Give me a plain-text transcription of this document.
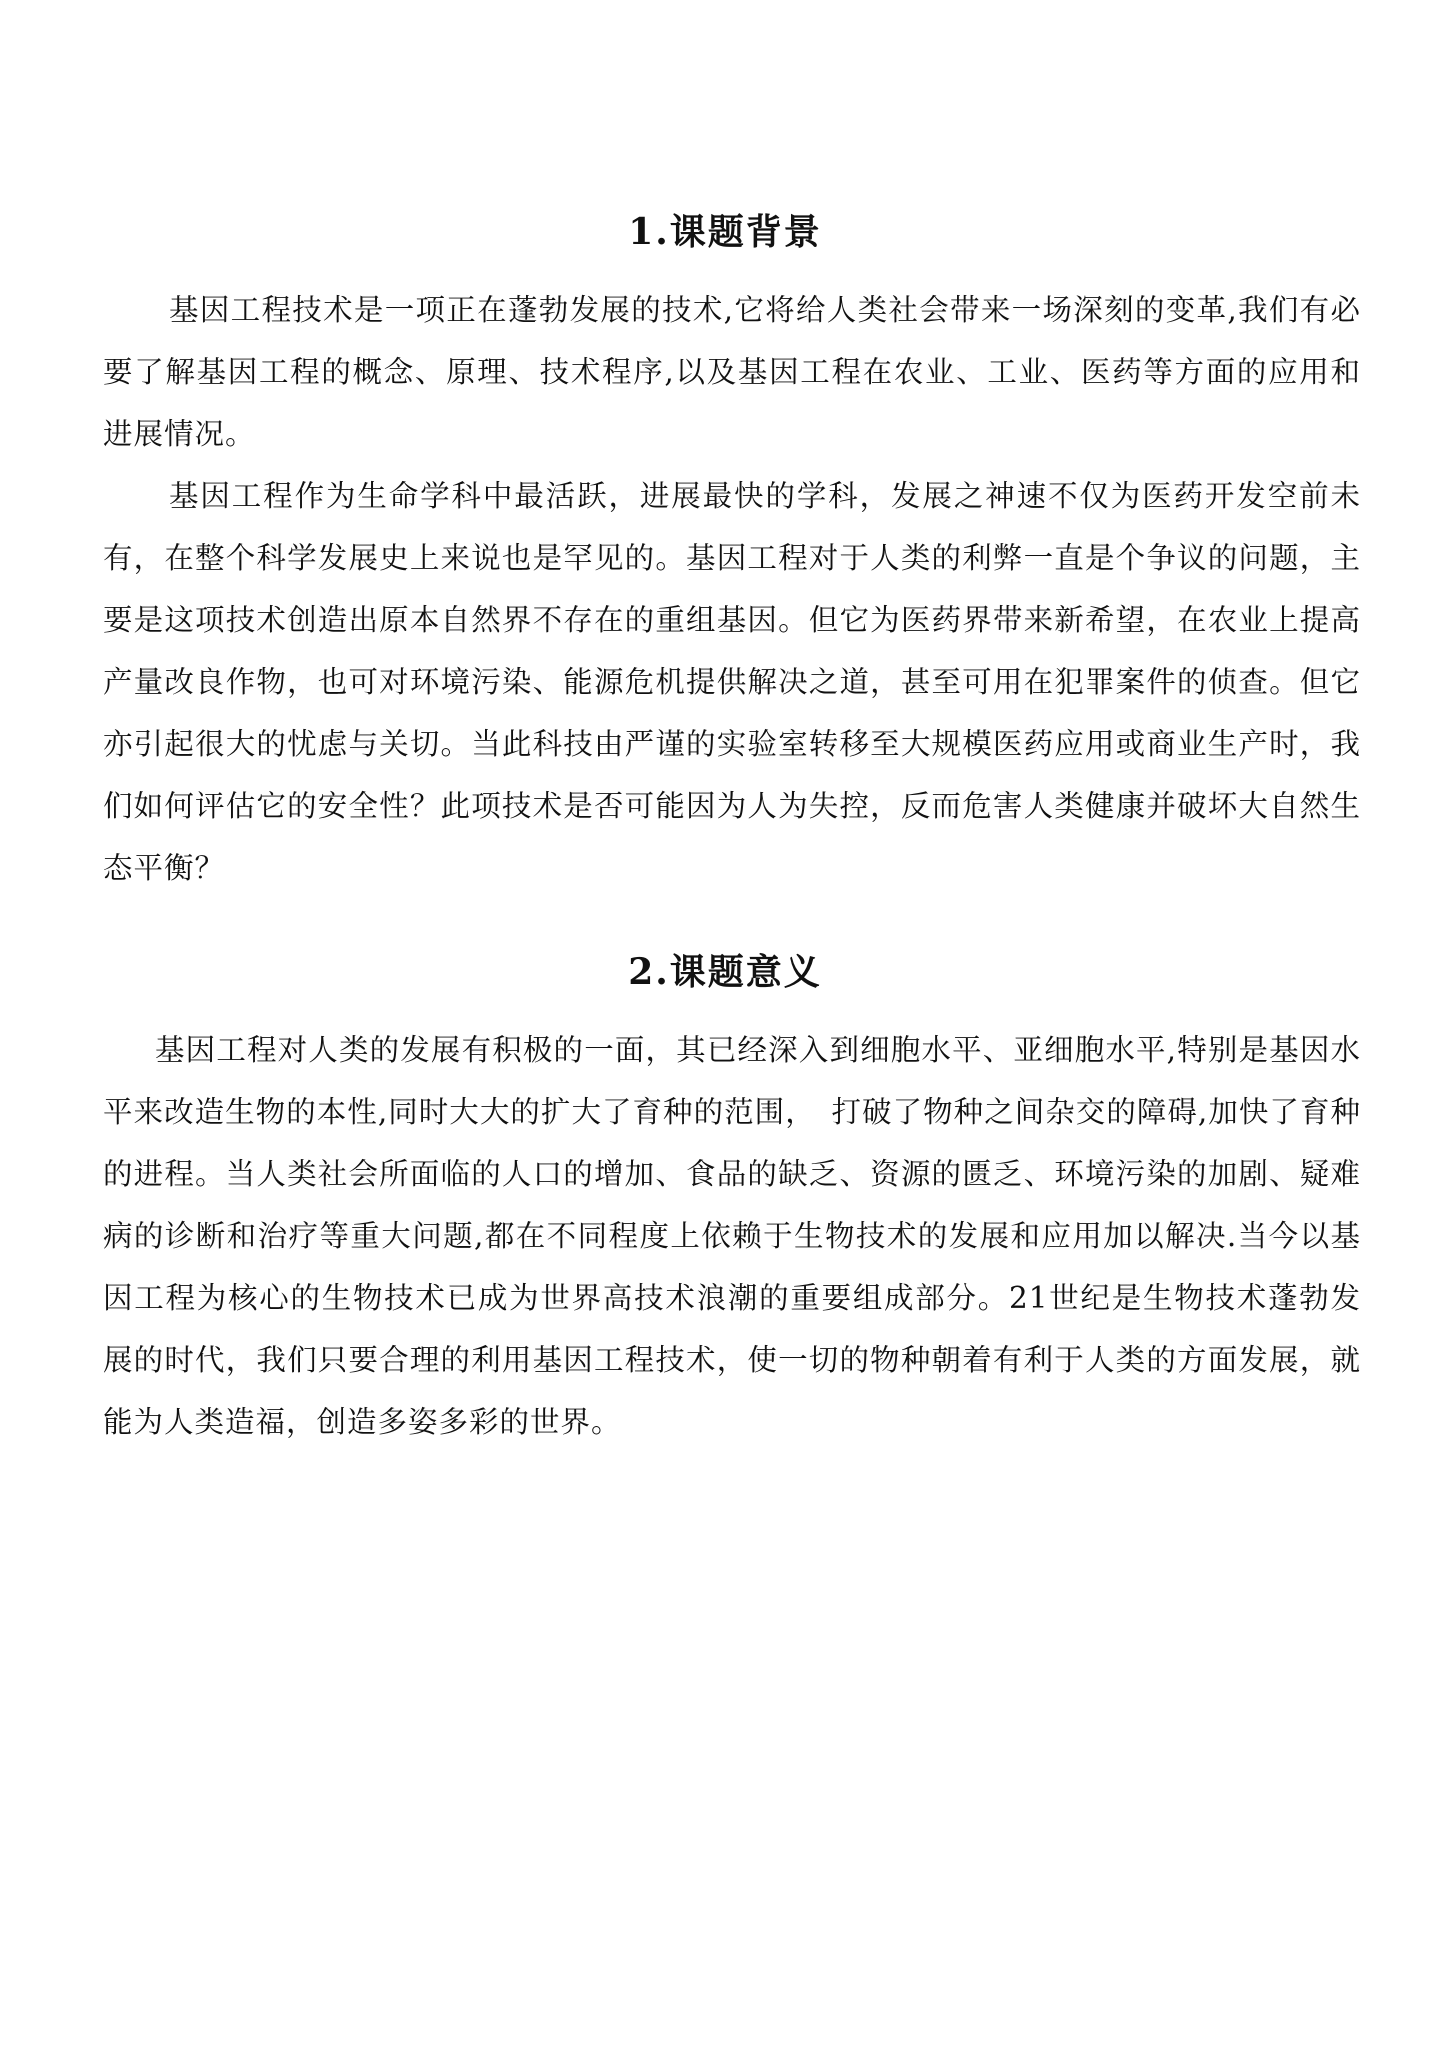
1.课题背景

基因工程技术是一项正在蓬勃发展的技术,它将给人类社会带来一场深刻的变革,我们有必要了解基因工程的概念、原理、技术程序,以及基因工程在农业、工业、医药等方面的应用和进展情况。

基因工程作为生命学科中最活跃，进展最快的学科，发展之神速不仅为医药开发空前未有，在整个科学发展史上来说也是罕见的。基因工程对于人类的利弊一直是个争议的问题，主要是这项技术创造出原本自然界不存在的重组基因。但它为医药界带来新希望，在农业上提高产量改良作物，也可对环境污染、能源危机提供解决之道，甚至可用在犯罪案件的侦查。但它亦引起很大的忧虑与关切。当此科技由严谨的实验室转移至大规模医药应用或商业生产时，我们如何评估它的安全性？此项技术是否可能因为人为失控，反而危害人类健康并破坏大自然生态平衡？

2.课题意义

基因工程对人类的发展有积极的一面，其已经深入到细胞水平、亚细胞水平,特别是基因水平来改造生物的本性,同时大大的扩大了育种的范围，　打破了物种之间杂交的障碍,加快了育种的进程。当人类社会所面临的人口的增加、食品的缺乏、资源的匮乏、环境污染的加剧、疑难病的诊断和治疗等重大问题,都在不同程度上依赖于生物技术的发展和应用加以解决.当今以基因工程为核心的生物技术已成为世界高技术浪潮的重要组成部分。21世纪是生物技术蓬勃发展的时代，我们只要合理的利用基因工程技术，使一切的物种朝着有利于人类的方面发展，就能为人类造福，创造多姿多彩的世界。
